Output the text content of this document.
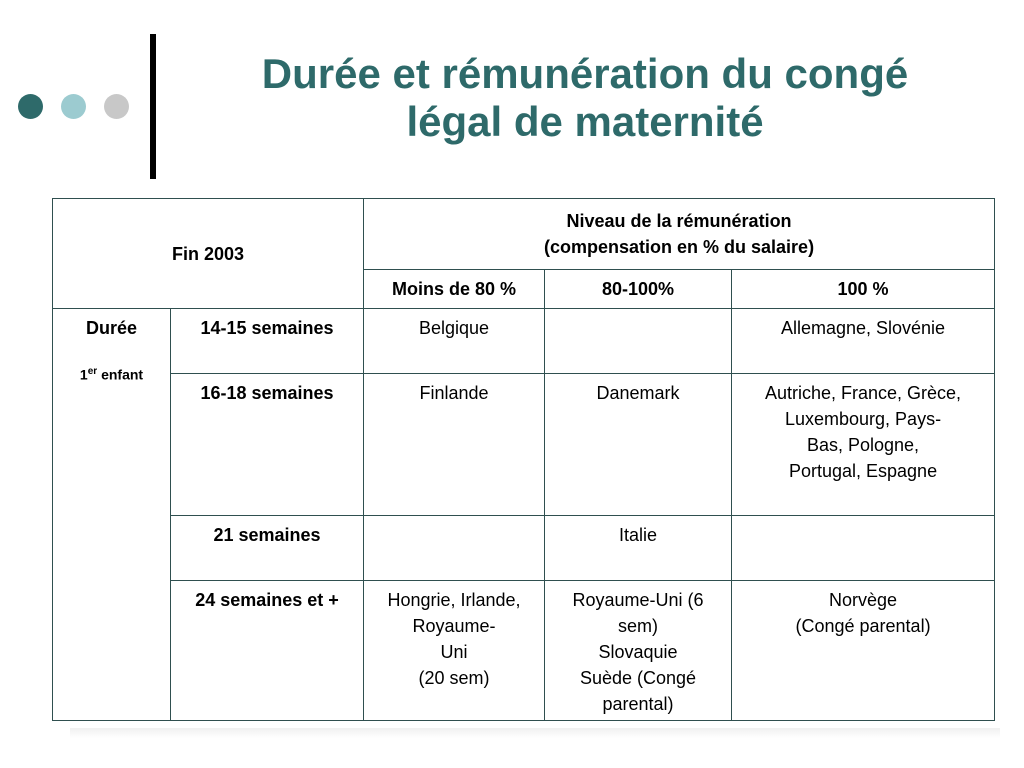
Durée et rémunération du congé
légal de maternité
Fin 2003		Niveau de la rémunération
(compensation en % du salaire)		

		Moins de 80 %	80-100%	100 %

Durée
1er enfant	14-15 semaines	Belgique		Allemagne, Slovénie

	16-18 semaines	Finlande	Danemark	Autriche, France, Grèce,
Luxembourg, Pays-
Bas, Pologne,
Portugal, Espagne

	21 semaines		Italie	

	24 semaines et +	Hongrie, Irlande,
Royaume-
Uni
(20 sem)	Royaume-Uni (6
sem)
Slovaquie
Suède (Congé
parental)	Norvège
(Congé parental)
